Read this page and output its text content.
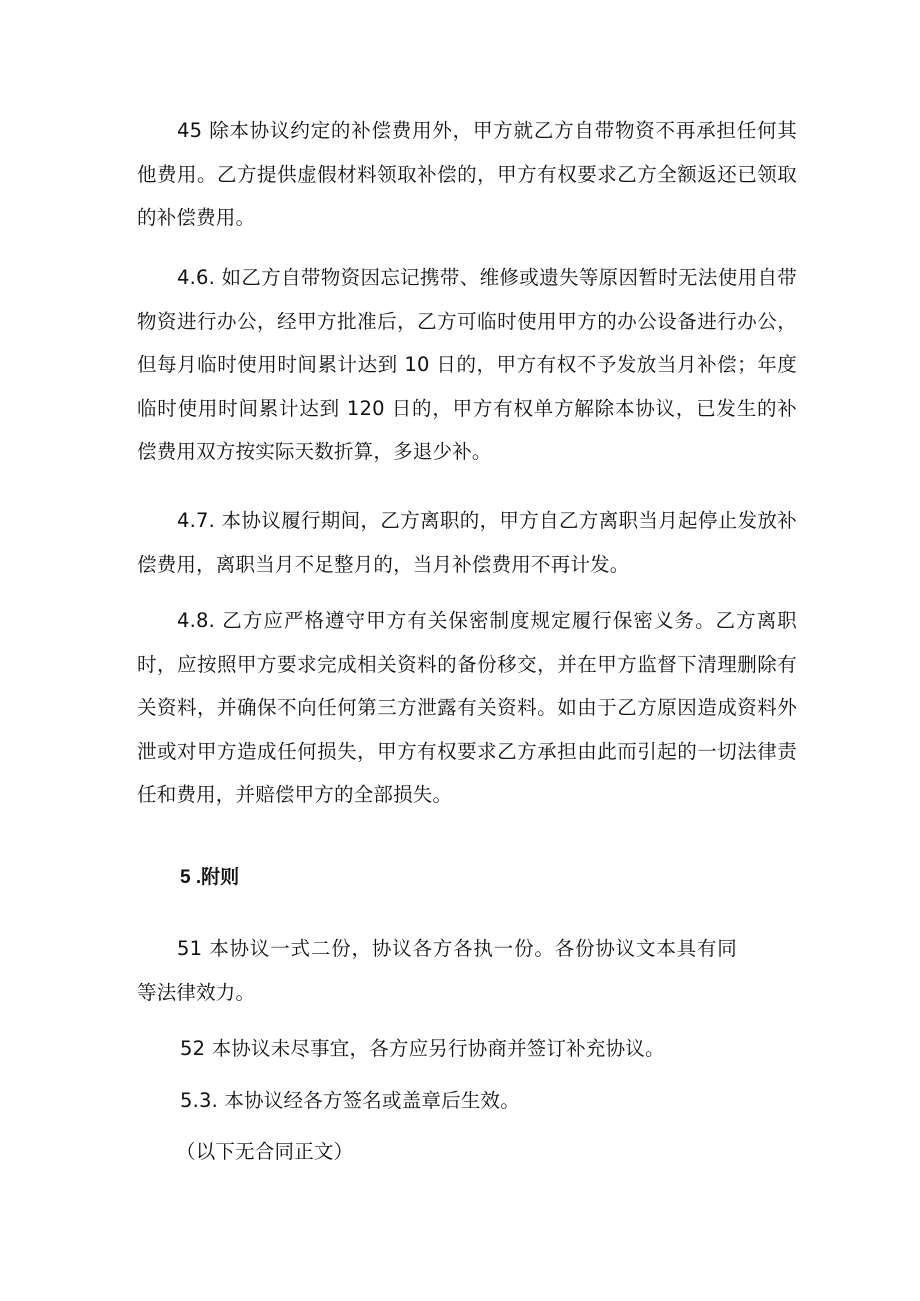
45 除本协议约定的补偿费用外，甲方就乙方自带物资不再承担任何其他费用。乙方提供虚假材料领取补偿的，甲方有权要求乙方全额返还已领取的补偿费用。

4.6. 如乙方自带物资因忘记携带、维修或遗失等原因暂时无法使用自带物资进行办公，经甲方批准后，乙方可临时使用甲方的办公设备进行办公，但每月临时使用时间累计达到 10 日的，甲方有权不予发放当月补偿；年度临时使用时间累计达到 120 日的，甲方有权单方解除本协议，已发生的补偿费用双方按实际天数折算，多退少补。

4.7. 本协议履行期间，乙方离职的，甲方自乙方离职当月起停止发放补偿费用，离职当月不足整月的，当月补偿费用不再计发。

4.8. 乙方应严格遵守甲方有关保密制度规定履行保密义务。乙方离职时，应按照甲方要求完成相关资料的备份移交，并在甲方监督下清理删除有关资料，并确保不向任何第三方泄露有关资料。如由于乙方原因造成资料外泄或对甲方造成任何损失，甲方有权要求乙方承担由此而引起的一切法律责任和费用，并赔偿甲方的全部损失。

5 .附则

51 本协议一式二份，协议各方各执一份。各份协议文本具有同等法律效力。

52 本协议未尽事宜，各方应另行协商并签订补充协议。

5.3. 本协议经各方签名或盖章后生效。

（以下无合同正文）
